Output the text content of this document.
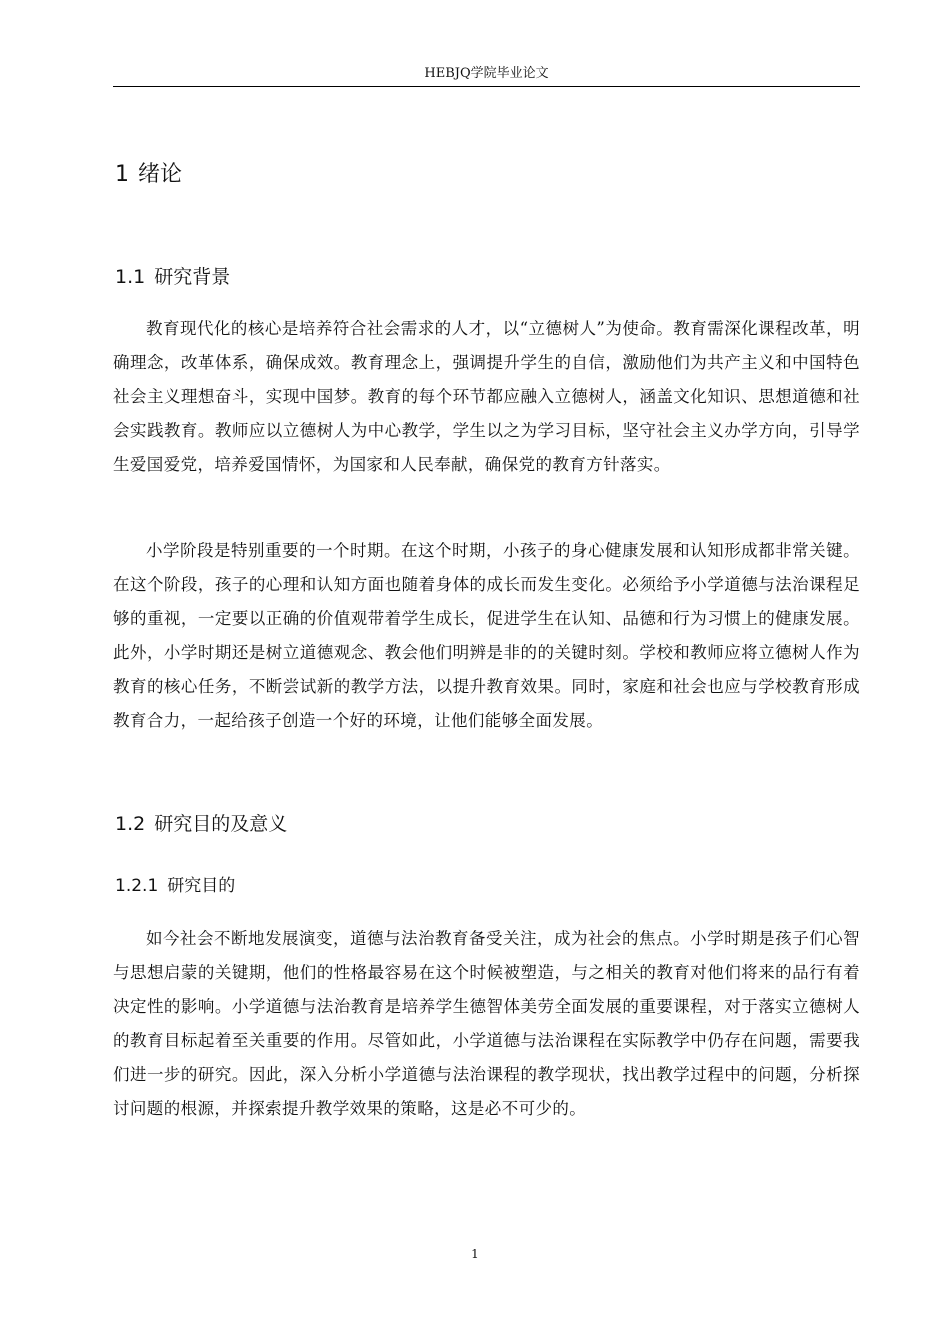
HEBJQ学院毕业论文
1 绪论
1.1 研究背景

教育现代化的核心是培养符合社会需求的人才，以“立德树人”为使命。教育需深化课程改革，明确理念，改革体系，确保成效。教育理念上，强调提升学生的自信，激励他们为共产主义和中国特色社会主义理想奋斗，实现中国梦。教育的每个环节都应融入立德树人，涵盖文化知识、思想道德和社会实践教育。教师应以立德树人为中心教学，学生以之为学习目标，坚守社会主义办学方向，引导学生爱国爱党，培养爱国情怀，为国家和人民奉献，确保党的教育方针落实。

小学阶段是特别重要的一个时期。在这个时期，小孩子的身心健康发展和认知形成都非常关键。在这个阶段，孩子的心理和认知方面也随着身体的成长而发生变化。必须给予小学道德与法治课程足够的重视，一定要以正确的价值观带着学生成长，促进学生在认知、品德和行为习惯上的健康发展。此外，小学时期还是树立道德观念、教会他们明辨是非的的关键时刻。学校和教师应将立德树人作为教育的核心任务，不断尝试新的教学方法，以提升教育效果。同时，家庭和社会也应与学校教育形成教育合力，一起给孩子创造一个好的环境，让他们能够全面发展。

1.2 研究目的及意义
1.2.1 研究目的

如今社会不断地发展演变，道德与法治教育备受关注，成为社会的焦点。小学时期是孩子们心智与思想启蒙的关键期，他们的性格最容易在这个时候被塑造，与之相关的教育对他们将来的品行有着决定性的影响。小学道德与法治教育是培养学生德智体美劳全面发展的重要课程，对于落实立德树人的教育目标起着至关重要的作用。尽管如此，小学道德与法治课程在实际教学中仍存在问题，需要我们进一步的研究。因此，深入分析小学道德与法治课程的教学现状，找出教学过程中的问题，分析探讨问题的根源，并探索提升教学效果的策略，这是必不可少的。

1
